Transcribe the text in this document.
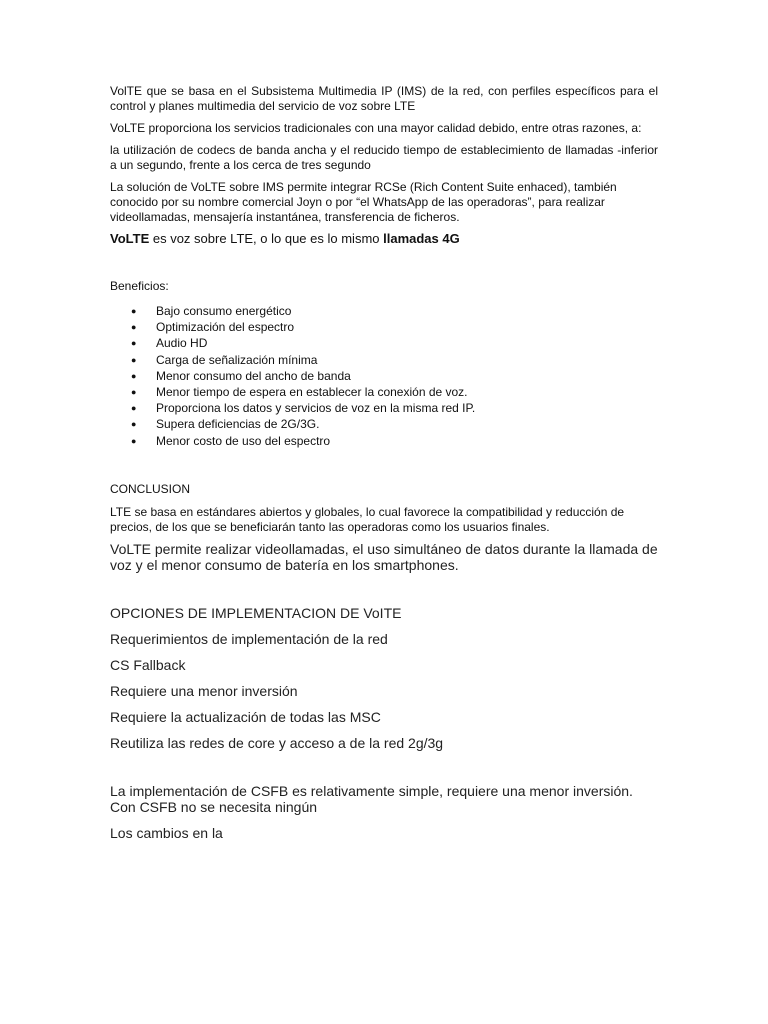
VolTE que se basa en el Subsistema Multimedia IP (IMS) de la red, con perfiles específicos para el control y planes multimedia del servicio de voz sobre LTE

VoLTE proporciona los servicios tradicionales con una mayor calidad debido, entre otras razones, a:

la utilización de codecs de banda ancha y el reducido tiempo de establecimiento de llamadas -inferior a un segundo, frente a los cerca de tres segundo

La solución de VoLTE sobre IMS permite integrar RCSe (Rich Content Suite enhaced), también conocido por su nombre comercial Joyn o por “el WhatsApp de las operadoras”, para realizar videollamadas, mensajería instantánea, transferencia de ficheros.

VoLTE es voz sobre LTE, o lo que es lo mismo llamadas 4G

Beneficios:

● Bajo consumo energético
● Optimización del espectro
● Audio HD
● Carga de señalización mínima
● Menor consumo del ancho de banda
● Menor tiempo de espera en establecer la conexión de voz.
● Proporciona los datos y servicios de voz en la misma red IP.
● Supera deficiencias de 2G/3G.
● Menor costo de uso del espectro

CONCLUSION

LTE se basa en estándares abiertos y globales, lo cual favorece la compatibilidad y reducción de precios, de los que se beneficiarán tanto las operadoras como los usuarios finales.

VoLTE permite realizar videollamadas, el uso simultáneo de datos durante la llamada de voz y el menor consumo de batería en los smartphones.

OPCIONES DE IMPLEMENTACION DE VoITE

Requerimientos de implementación de la red

CS Fallback

Requiere una menor inversión

Requiere la actualización de todas las MSC

Reutiliza las redes de core y acceso a de la red 2g/3g

La implementación de CSFB es relativamente simple, requiere una menor inversión. Con CSFB no se necesita ningún

Los cambios en la
